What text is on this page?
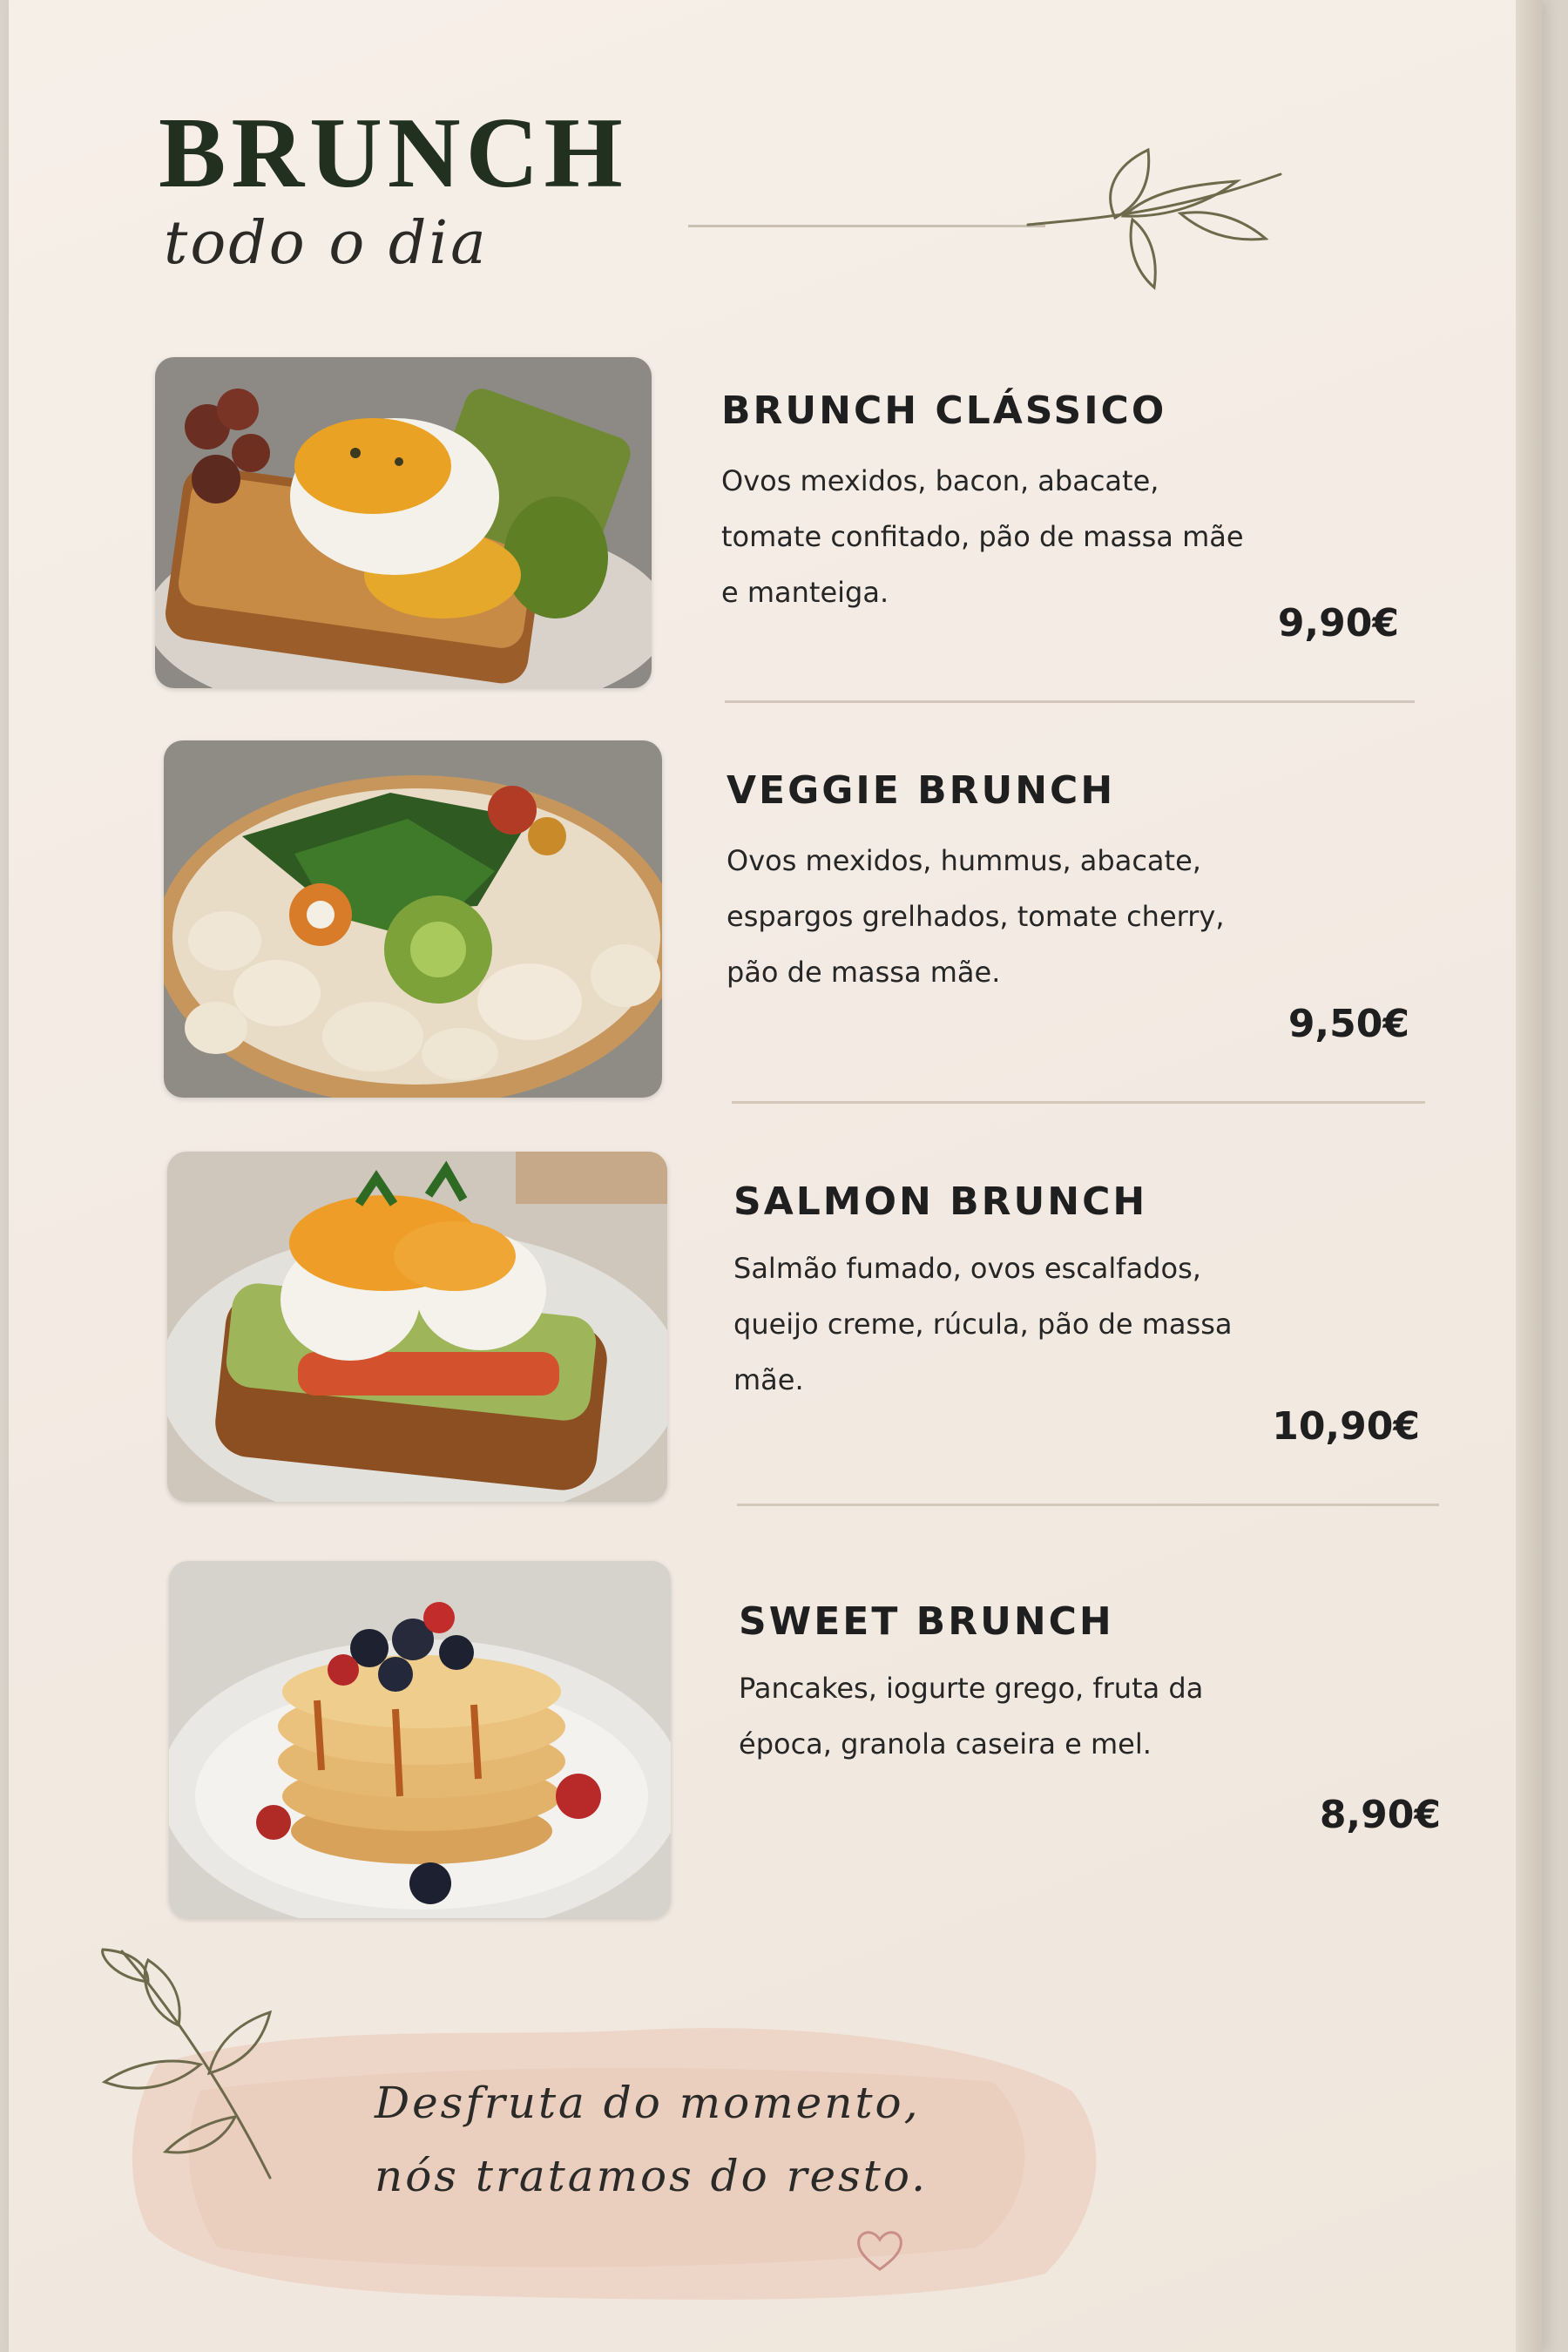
BRUNCH
todo o dia
BRUNCH CLÁSSICO

Ovos mexidos, bacon, abacate, tomate confitado, pão de massa mãe e manteiga.

9,90€
VEGGIE BRUNCH

Ovos mexidos, hummus, abacate, espargos grelhados, tomate cherry, pão de massa mãe.

9,50€
SALMON BRUNCH

Salmão fumado, ovos escalfados, queijo creme, rúcula, pão de massa mãe.

10,90€
SWEET BRUNCH

Pancakes, iogurte grego, fruta da época, granola caseira e mel.

8,90€

Desfruta do momento,
nós tratamos do resto.
